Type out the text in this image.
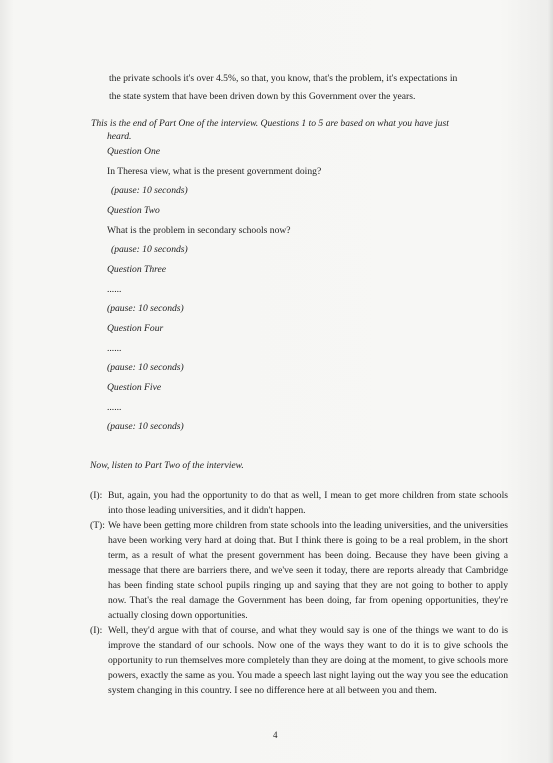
the private schools it's over 4.5%, so that, you know, that's the problem, it's expectations in
the state system that have been driven down by this Government over the years.
This is the end of Part One of the interview. Questions 1 to 5 are based on what you have just
heard.
Question One
In Theresa view, what is the present government doing?
(pause: 10 seconds)
Question Two
What is the problem in secondary schools now?
(pause: 10 seconds)
Question Three
......
(pause: 10 seconds)
Question Four
......
(pause: 10 seconds)
Question Five
......
(pause: 10 seconds)
Now, listen to Part Two of the interview.
(I): But, again, you had the opportunity to do that as well, I mean to get more children from state schools into those leading universities, and it didn't happen.
(T): We have been getting more children from state schools into the leading universities, and the universities have been working very hard at doing that. But I think there is going to be a real problem, in the short term, as a result of what the present government has been doing. Because they have been giving a message that there are barriers there, and we've seen it today, there are reports already that Cambridge has been finding state school pupils ringing up and saying that they are not going to bother to apply now. That's the real damage the Government has been doing, far from opening opportunities, they're actually closing down opportunities.
(I): Well, they'd argue with that of course, and what they would say is one of the things we want to do is improve the standard of our schools. Now one of the ways they want to do it is to give schools the opportunity to run themselves more completely than they are doing at the moment, to give schools more powers, exactly the same as you. You made a speech last night laying out the way you see the education system changing in this country. I see no difference here at all between you and them.
4
